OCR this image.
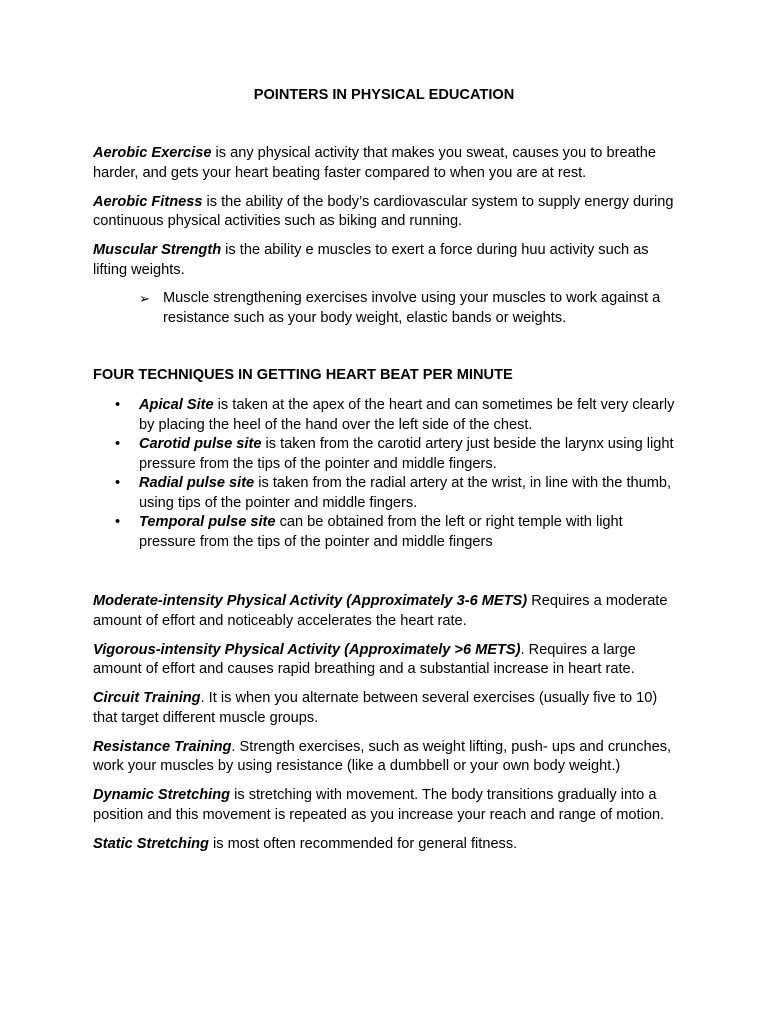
POINTERS IN PHYSICAL EDUCATION

Aerobic Exercise is any physical activity that makes you sweat, causes you to breathe harder, and gets your heart beating faster compared to when you are at rest.

Aerobic Fitness is the ability of the body’s cardiovascular system to supply energy during continuous physical activities such as biking and running.

Muscular Strength is the ability e muscles to exert a force during huu activity such as lifting weights.

➢ Muscle strengthening exercises involve using your muscles to work against a resistance such as your body weight, elastic bands or weights.
FOUR TECHNIQUES IN GETTING HEART BEAT PER MINUTE
• Apical Site is taken at the apex of the heart and can sometimes be felt very clearly by placing the heel of the hand over the left side of the chest.
• Carotid pulse site is taken from the carotid artery just beside the larynx using light pressure from the tips of the pointer and middle fingers.
• Radial pulse site is taken from the radial artery at the wrist, in line with the thumb, using tips of the pointer and middle fingers.
• Temporal pulse site can be obtained from the left or right temple with light pressure from the tips of the pointer and middle fingers

Moderate-intensity Physical Activity (Approximately 3-6 METS) Requires a moderate amount of effort and noticeably accelerates the heart rate.

Vigorous-intensity Physical Activity (Approximately >6 METS). Requires a large amount of effort and causes rapid breathing and a substantial increase in heart rate.

Circuit Training. It is when you alternate between several exercises (usually five to 10) that target different muscle groups.

Resistance Training. Strength exercises, such as weight lifting, push- ups and crunches, work your muscles by using resistance (like a dumbbell or your own body weight.)

Dynamic Stretching is stretching with movement. The body transitions gradually into a position and this movement is repeated as you increase your reach and range of motion.

Static Stretching is most often recommended for general fitness.
